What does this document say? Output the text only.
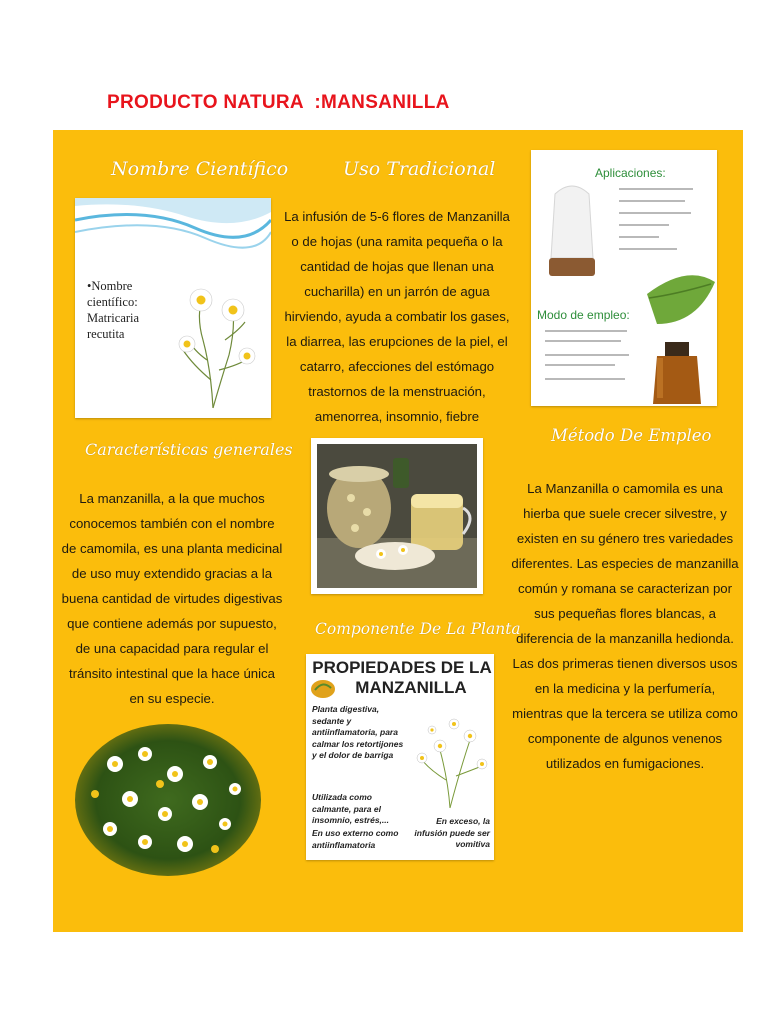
PRODUCTO NATURA  :MANSANILLA
Nombre Científico
•Nombre científico: Matricaria recutita
Características generales
La manzanilla, a la que muchos conocemos también con el nombre de camomila, es una planta medicinal de uso muy extendido gracias a la buena cantidad de virtudes digestivas que contiene además por supuesto, de una capacidad para regular el tránsito intestinal que la hace única en su especie.
Uso Tradicional
La infusión de 5-6 flores de Manzanilla o de hojas (una ramita pequeña o la cantidad de hojas que llenan una cucharilla) en un jarrón de agua hirviendo, ayuda a combatir los gases, la diarrea, las erupciones de la piel, el catarro, afecciones del estómago trastornos de la menstruación, amenorrea, insomnio, fiebre
Componente De La Planta
PROPIEDADES DE LA
MANZANILLA
Planta digestiva, sedante y antiinflamatoria, para calmar los retortijones y el dolor de barriga
Utilizada como calmante, para el insomnio, estrés,...
En uso externo como antiinflamatoria
En exceso, la infusión puede ser vomitiva
Aplicaciones:
Modo de empleo:
Método De Empleo
La Manzanilla o camomila es una hierba que suele crecer silvestre, y existen en su género tres variedades diferentes. Las especies de manzanilla común y romana se caracterizan por sus pequeñas flores blancas, a diferencia de la manzanilla hedionda. Las dos primeras tienen diversos usos en la medicina y la perfumería, mientras que la tercera se utiliza como componente de algunos venenos utilizados en fumigaciones.
